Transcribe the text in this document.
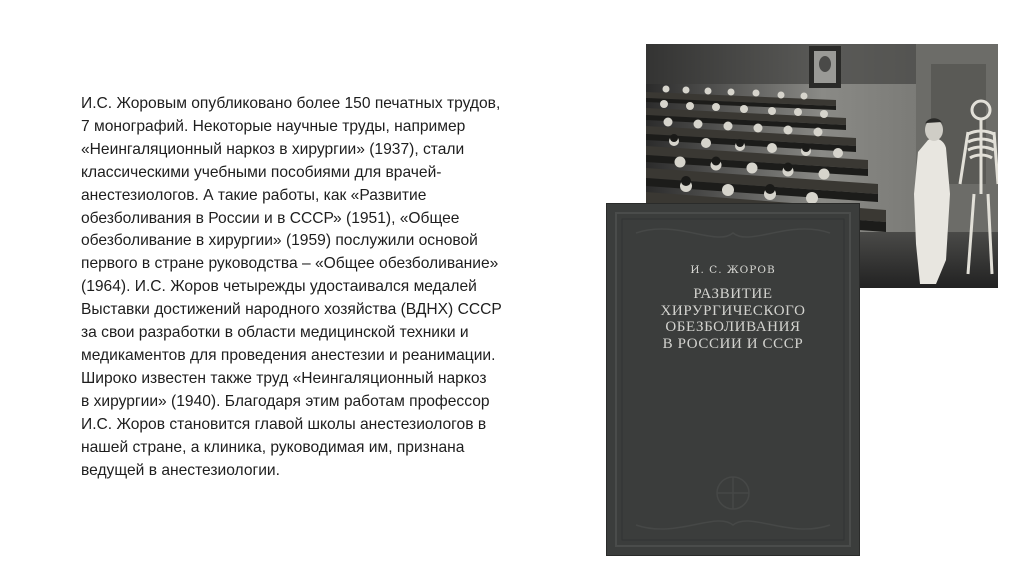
И.С. Жоровым опубликовано более 150 печатных трудов,
7 монографий. Некоторые научные труды, например
«Неингаляционный наркоз в хирургии» (1937), стали
классическими учебными пособиями для врачей-
анестезиологов. А такие работы, как «Развитие
обезболивания в России и в СССР» (1951), «Общее
обезболивание в хирургии» (1959) послужили основой
первого в стране руководства – «Общее обезболивание»
(1964). И.С. Жоров четырежды удостаивался медалей
Выставки достижений народного хозяйства (ВДНХ) СССР
за свои разработки в области медицинской техники и
медикаментов для проведения анестезии и реанимации.
Широко известен также труд «Неингаляционный наркоз
в хирургии» (1940). Благодаря этим работам профессор
И.С. Жоров становится главой школы анестезиологов в
нашей стране, а клиника, руководимая им, признана
ведущей в анестезиологии.
И. С. ЖОРОВ
РАЗВИТИЕ
ХИРУРГИЧЕСКОГО
ОБЕЗБОЛИВАНИЯ
В РОССИИ И СССР
